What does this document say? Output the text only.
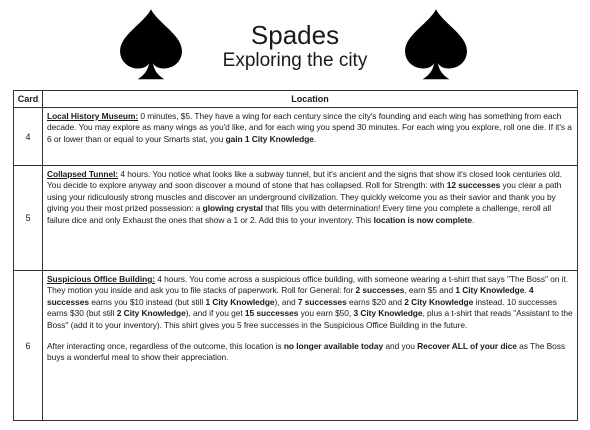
Spades
Exploring the city
Card	Location
4	Local History Museum: 0 minutes, $5. They have a wing for each century since the city's founding and each wing has something from each decade. You may explore as many wings as you'd like, and for each wing you spend 30 minutes. For each wing you explore, roll one die. If it's a 6 or lower than or equal to your Smarts stat, you gain 1 City Knowledge.
5	Collapsed Tunnel: 4 hours. You notice what looks like a subway tunnel, but it's ancient and the signs that show it's closed look centuries old. You decide to explore anyway and soon discover a mound of stone that has collapsed. Roll for Strength: with 12 successes you clear a path using your ridiculously strong muscles and discover an underground civilization. They quickly welcome you as their savior and thank you by giving you their most prized possession: a glowing crystal that fills you with determination! Every time you complete a challenge, reroll all failure dice and only Exhaust the ones that show a 1 or 2. Add this to your inventory. This location is now complete.
6	Suspicious Office Building: 4 hours. You come across a suspicious office building, with someone wearing a t-shirt that says "The Boss" on it. They motion you inside and ask you to file stacks of paperwork. Roll for General: for 2 successes, earn $5 and 1 City Knowledge. 4 successes earns you $10 instead (but still 1 City Knowledge), and 7 successes earns $20 and 2 City Knowledge instead. 10 successes earns $30 (but still 2 City Knowledge), and if you get 15 successes you earn $50, 3 City Knowledge, plus a t-shirt that reads "Assistant to the Boss" (add it to your inventory). This shirt gives you 5 free successes in the Suspicious Office Building in the future.
After interacting once, regardless of the outcome, this location is no longer available today and you Recover ALL of your dice as The Boss buys a wonderful meal to show their appreciation.
